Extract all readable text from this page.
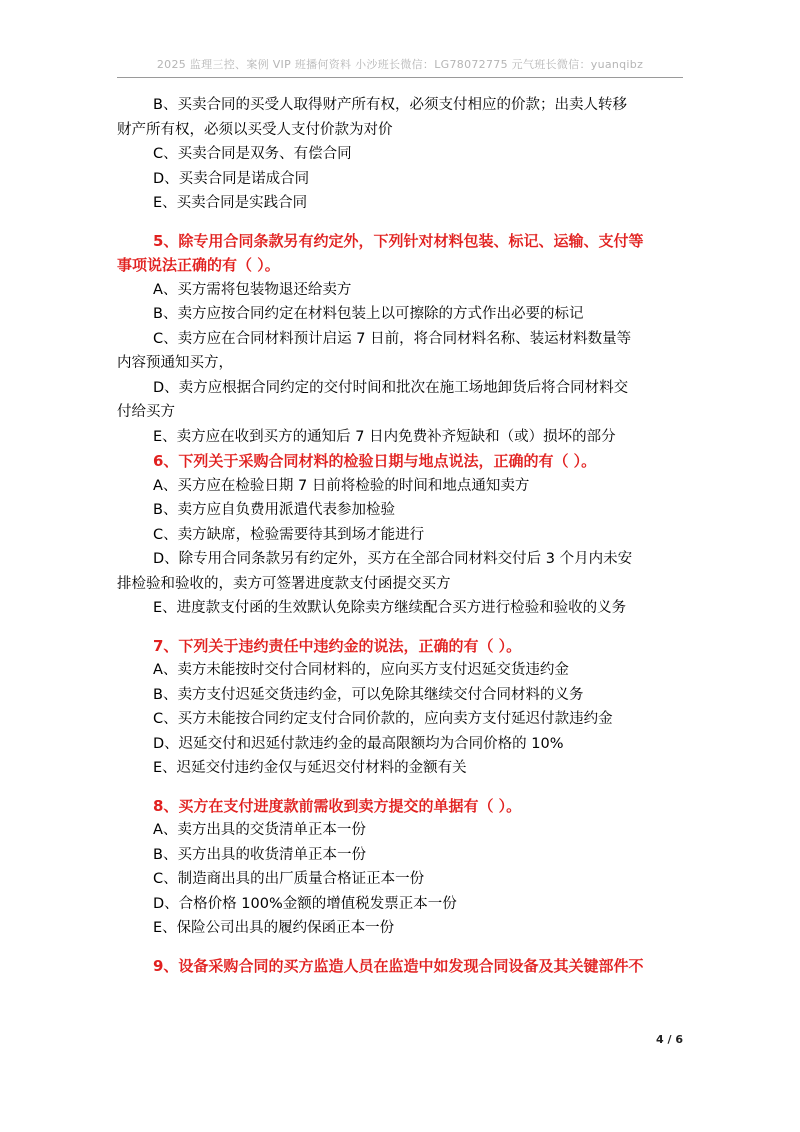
2025 监理三控、案例 VIP 班播何资料 小沙班长微信：LG78072775 元气班长微信：yuanqibz
B、买卖合同的买受人取得财产所有权，必须支付相应的价款；出卖人转移
财产所有权，必须以买受人支付价款为对价
C、买卖合同是双务、有偿合同
D、买卖合同是诺成合同
E、买卖合同是实践合同
5、除专用合同条款另有约定外，下列针对材料包装、标记、运输、支付等
事项说法正确的有（ ）。
A、买方需将包装物退还给卖方
B、卖方应按合同约定在材料包装上以可擦除的方式作出必要的标记
C、卖方应在合同材料预计启运 7 日前，将合同材料名称、装运材料数量等
内容预通知买方，
D、卖方应根据合同约定的交付时间和批次在施工场地卸货后将合同材料交
付给买方
E、卖方应在收到买方的通知后 7 日内免费补齐短缺和（或）损坏的部分
6、下列关于采购合同材料的检验日期与地点说法，正确的有（ ）。
A、买方应在检验日期 7 日前将检验的时间和地点通知卖方
B、卖方应自负费用派遣代表参加检验
C、卖方缺席，检验需要待其到场才能进行
D、除专用合同条款另有约定外，买方在全部合同材料交付后 3 个月内未安
排检验和验收的，卖方可签署进度款支付函提交买方
E、进度款支付函的生效默认免除卖方继续配合买方进行检验和验收的义务
7、下列关于违约责任中违约金的说法，正确的有（ ）。
A、卖方未能按时交付合同材料的，应向买方支付迟延交货违约金
B、卖方支付迟延交货违约金，可以免除其继续交付合同材料的义务
C、买方未能按合同约定支付合同价款的，应向卖方支付延迟付款违约金
D、迟延交付和迟延付款违约金的最高限额均为合同价格的 10%
E、迟延交付违约金仅与延迟交付材料的金额有关
8、买方在支付进度款前需收到卖方提交的单据有（ ）。
A、卖方出具的交货清单正本一份
B、买方出具的收货清单正本一份
C、制造商出具的出厂质量合格证正本一份
D、合格价格 100%金额的增值税发票正本一份
E、保险公司出具的履约保函正本一份
9、设备采购合同的买方监造人员在监造中如发现合同设备及其关键部件不
4 / 6
